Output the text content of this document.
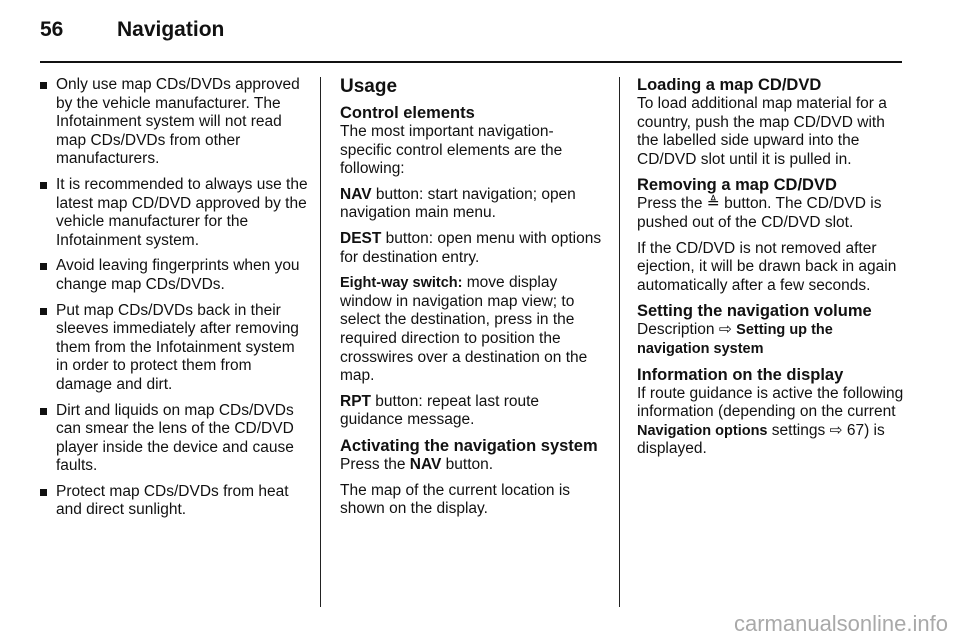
56	Navigation
Only use map CDs/DVDs approved by the vehicle manufacturer. The Infotainment system will not read map CDs/DVDs from other manufacturers.
It is recommended to always use the latest map CD/DVD approved by the vehicle manufacturer for the Infotainment system.
Avoid leaving fingerprints when you change map CDs/DVDs.
Put map CDs/DVDs back in their sleeves immediately after removing them from the Infotainment system in order to protect them from damage and dirt.
Dirt and liquids on map CDs/DVDs can smear the lens of the CD/DVD player inside the device and cause faults.
Protect map CDs/DVDs from heat and direct sunlight.
Usage
Control elements

The most important navigation-specific control elements are the following:

NAV button: start navigation; open navigation main menu.

DEST button: open menu with options for destination entry.

Eight-way switch: move display window in navigation map view; to select the destination, press in the required direction to position the crosswires over a destination on the map.

RPT button: repeat last route guidance message.

Activating the navigation system

Press the NAV button.

The map of the current location is shown on the display.

Loading a map CD/DVD

To load additional map material for a country, push the map CD/DVD with the labelled side upward into the CD/DVD slot until it is pulled in.

Removing a map CD/DVD

Press the ≜ button. The CD/DVD is pushed out of the CD/DVD slot.

If the CD/DVD is not removed after ejection, it will be drawn back in again automatically after a few seconds.

Setting the navigation volume

Description ⇨ Setting up the navigation system

Information on the display

If route guidance is active the following information (depending on the current Navigation options settings ⇨ 67) is displayed.

carmanualsonline.info
